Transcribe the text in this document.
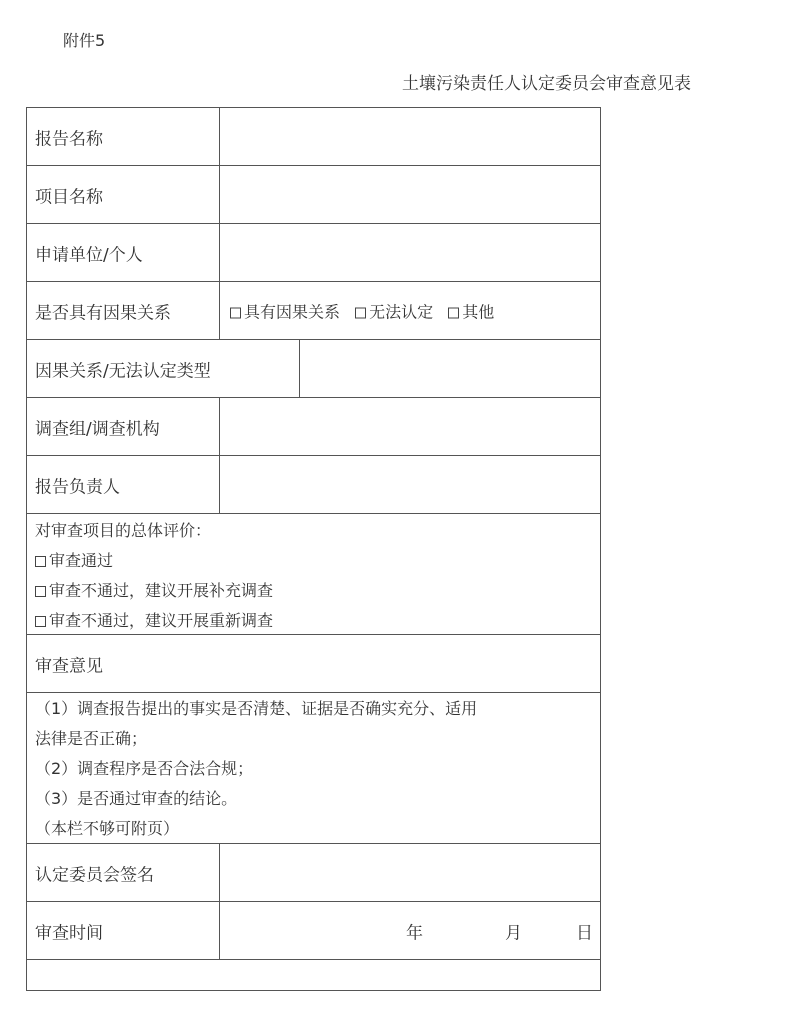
附件5
土壤污染责任人认定委员会审查意见表
报告名称
项目名称
申请单位/个人
是否具有因果关系	具有因果关系 无法认定 其他
因果关系/无法认定类型
调查组/调查机构
报告负责人
对审查项目的总体评价：
审查通过
审查不通过，建议开展补充调查
审查不通过，建议开展重新调查
审查意见
（1）调查报告提出的事实是否清楚、证据是否确实充分、适用
法律是否正确；
（2）调查程序是否合法合规；
（3）是否通过审查的结论。
（本栏不够可附页）
认定委员会签名
审查时间	年	月	日
